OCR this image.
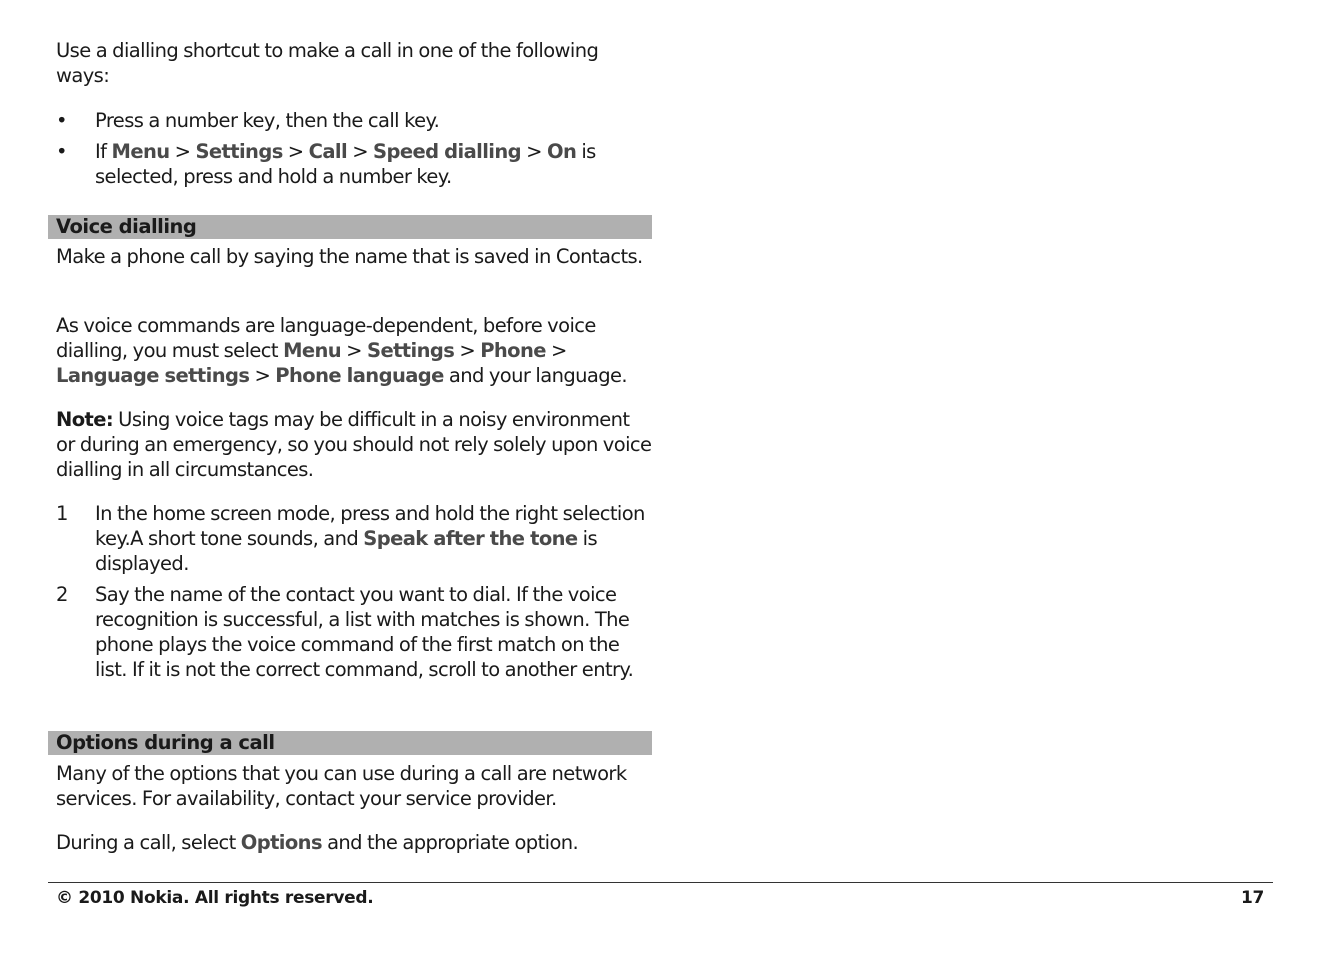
Use a dialling shortcut to make a call in one of the following ways:

• Press a number key, then the call key.
• If Menu > Settings > Call > Speed dialling > On is selected, press and hold a number key.
Voice dialling

Make a phone call by saying the name that is saved in Contacts.

As voice commands are language-dependent, before voice dialling, you must select Menu > Settings > Phone > Language settings > Phone language and your language.

Note: Using voice tags may be difficult in a noisy environment or during an emergency, so you should not rely solely upon voice dialling in all circumstances.

1 In the home screen mode, press and hold the right selection key.A short tone sounds, and Speak after the tone is displayed.
2 Say the name of the contact you want to dial. If the voice recognition is successful, a list with matches is shown. The phone plays the voice command of the first match on the list. If it is not the correct command, scroll to another entry.
Options during a call

Many of the options that you can use during a call are network services. For availability, contact your service provider.

During a call, select Options and the appropriate option.

© 2010 Nokia. All rights reserved.	17
